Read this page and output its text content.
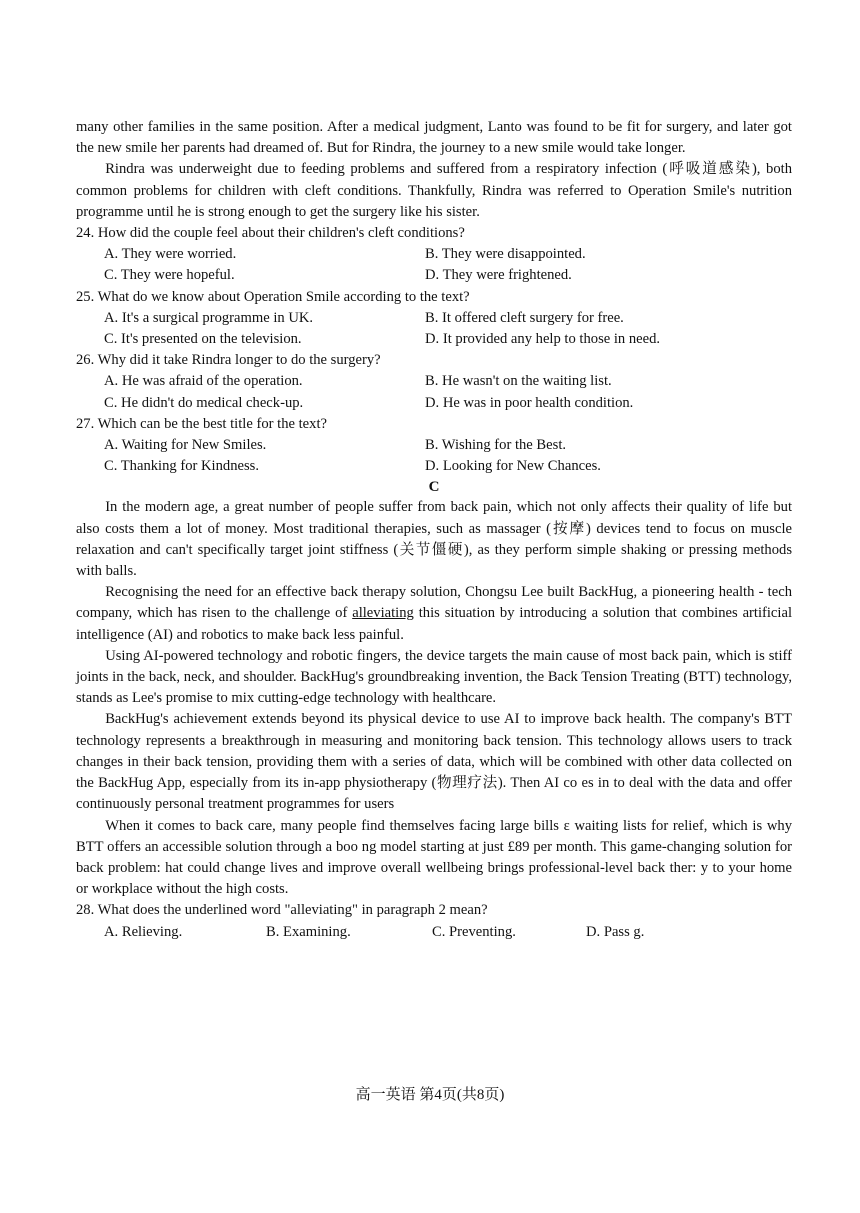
many other families in the same position. After a medical judgment, Lanto was found to be fit for surgery, and later got the new smile her parents had dreamed of. But for Rindra, the journey to a new smile would take longer.

Rindra was underweight due to feeding problems and suffered from a respiratory infection (呼吸道感染), both common problems for children with cleft conditions. Thankfully, Rindra was referred to Operation Smile's nutrition programme until he is strong enough to get the surgery like his sister.

24. How did the couple feel about their children's cleft conditions?

A. They were worried.	B. They were disappointed.
C. They were hopeful.	D. They were frightened.

25. What do we know about Operation Smile according to the text?

A. It's a surgical programme in UK.	B. It offered cleft surgery for free.
C. It's presented on the television.	D. It provided any help to those in need.

26. Why did it take Rindra longer to do the surgery?

A. He was afraid of the operation.	B. He wasn't on the waiting list.
C. He didn't do medical check-up.	D. He was in poor health condition.

27. Which can be the best title for the text?

A. Waiting for New Smiles.	B. Wishing for the Best.
C. Thanking for Kindness.	D. Looking for New Chances.

C

In the modern age, a great number of people suffer from back pain, which not only affects their quality of life but also costs them a lot of money. Most traditional therapies, such as massager (按摩) devices tend to focus on muscle relaxation and can't specifically target joint stiffness (关节僵硬), as they perform simple shaking or pressing methods with balls.

Recognising the need for an effective back therapy solution, Chongsu Lee built BackHug, a pioneering health - tech company, which has risen to the challenge of alleviating this situation by introducing a solution that combines artificial intelligence (AI) and robotics to make back less painful.

Using AI-powered technology and robotic fingers, the device targets the main cause of most back pain, which is stiff joints in the back, neck, and shoulder. BackHug's groundbreaking invention, the Back Tension Treating (BTT) technology, stands as Lee's promise to mix cutting-edge technology with healthcare.

BackHug's achievement extends beyond its physical device to use AI to improve back health. The company's BTT technology represents a breakthrough in measuring and monitoring back tension. This technology allows users to track changes in their back tension, providing them with a series of data, which will be combined with other data collected on the BackHug App, especially from its in-app physiotherapy (物理疗法). Then AI co es in to deal with the data and offer continuously personal treatment programmes for users

When it comes to back care, many people find themselves facing large bills ε waiting lists for relief, which is why BTT offers an accessible solution through a boo ng model starting at just £89 per month. This game-changing solution for back problem: hat could change lives and improve overall wellbeing brings professional-level back ther: y to your home or workplace without the high costs.

28. What does the underlined word "alleviating" in paragraph 2 mean?

A. Relieving.	B. Examining.	C. Preventing.	D. Pass g.
高一英语 第4页(共8页)
